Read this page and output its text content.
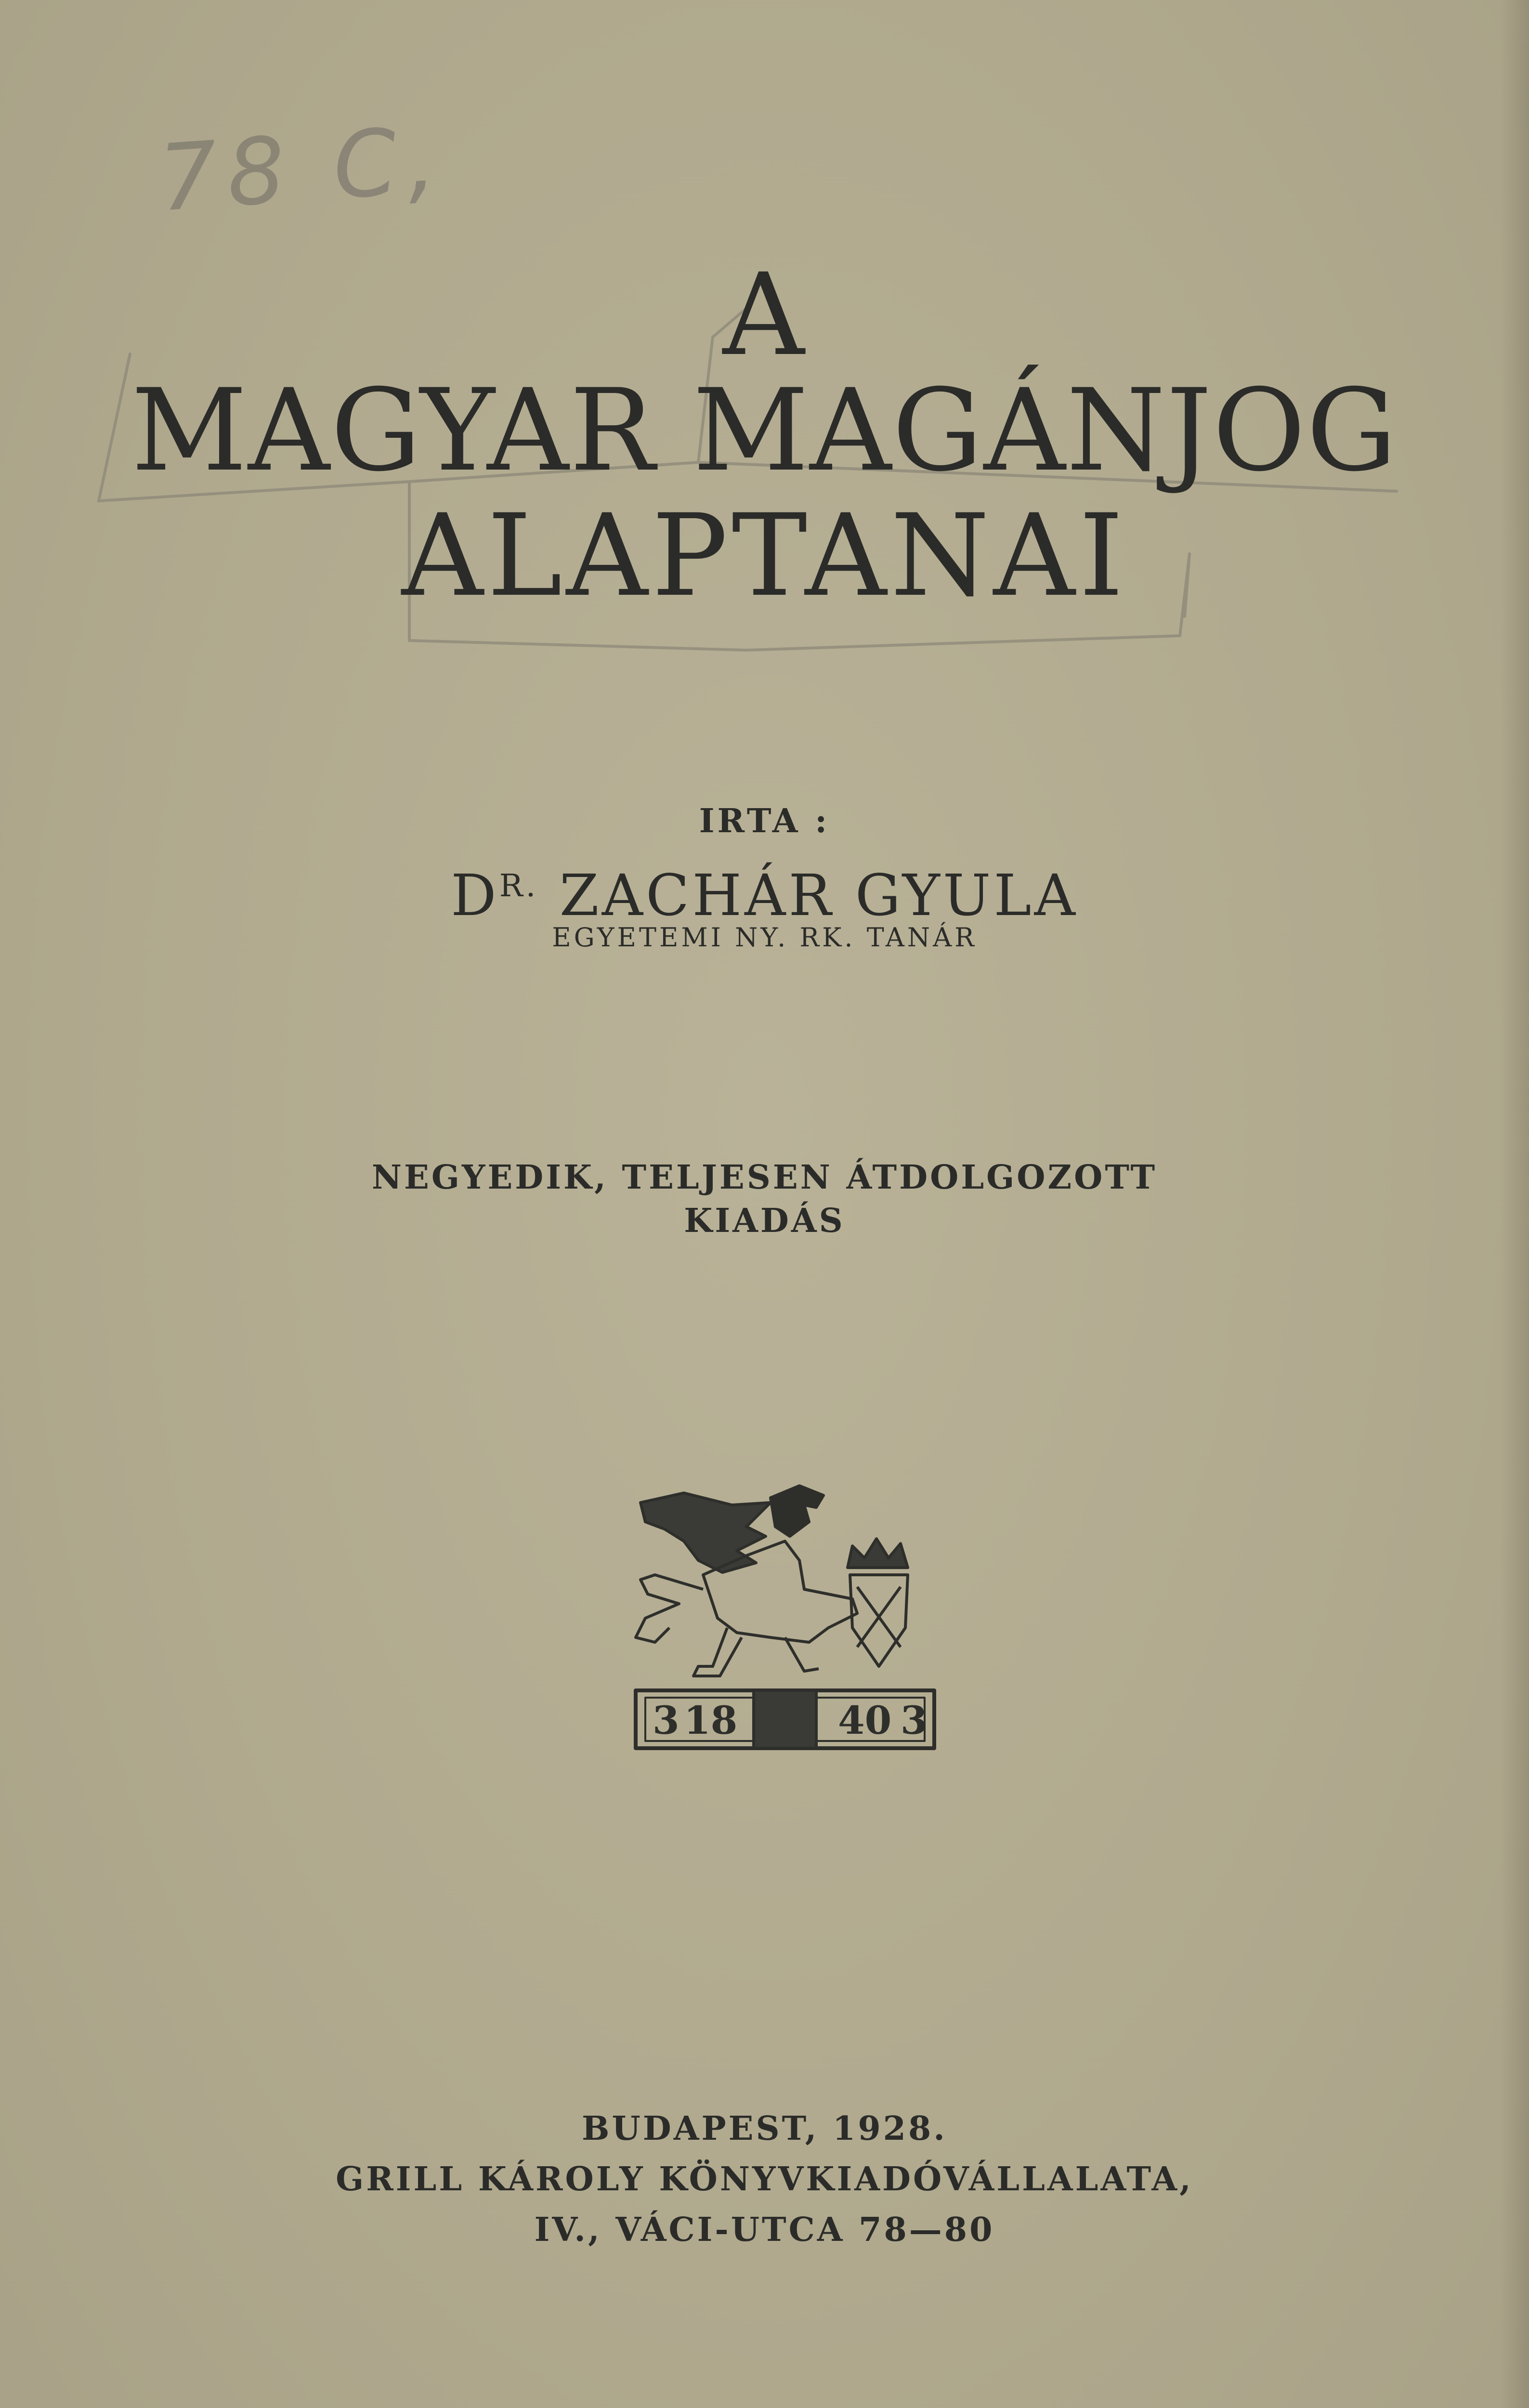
78 C,
A
MAGYAR MAGÁNJOG
ALAPTANAI
IRTA :
$D^{R.}$ ZACHÁR GYULA
EGYETEMI NY. RK. TANÁR
NEGYEDIK, TELJESEN ÁTDOLGOZOTT
KIADÁS
3 18	40 3
BUDAPEST, 1928.
GRILL KÁROLY KÖNYVKIADÓVÁLLALATA,
IV., VÁCI-UTCA 78—80
